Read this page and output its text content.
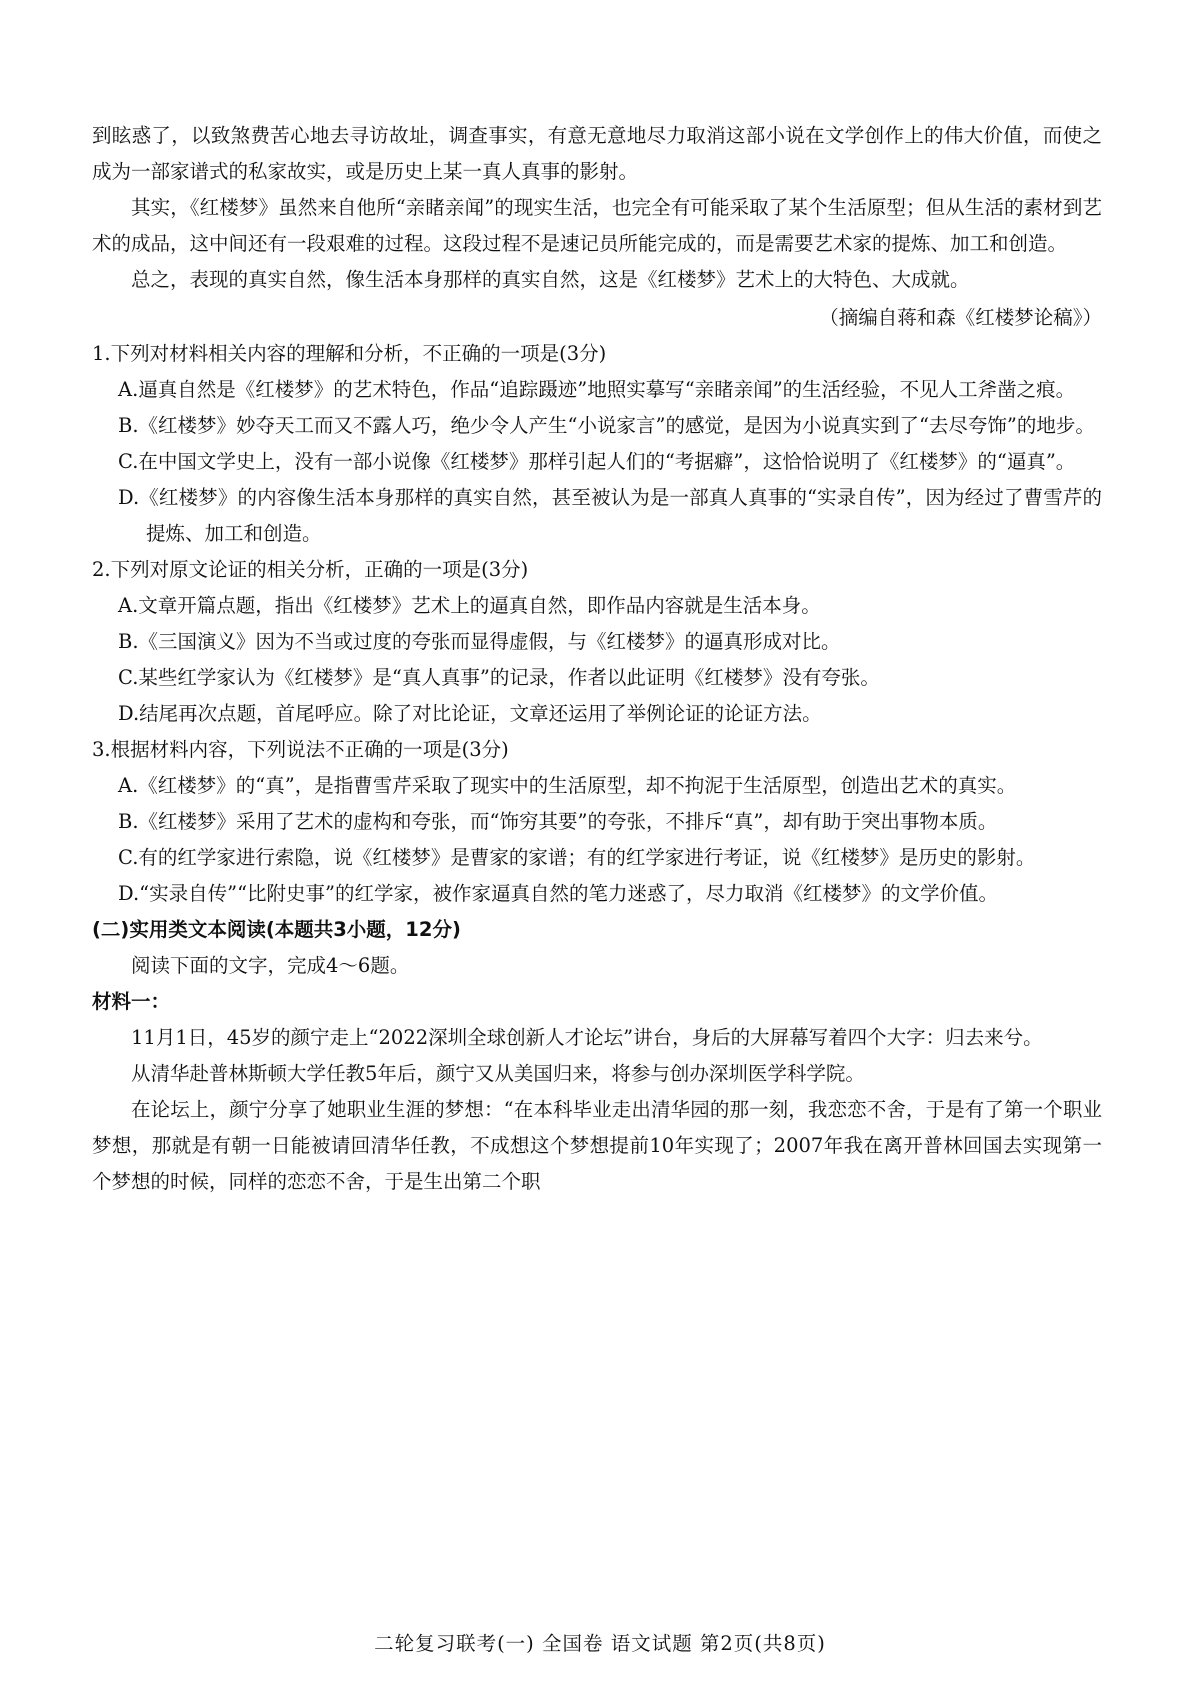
到眩惑了，以致煞费苦心地去寻访故址，调查事实，有意无意地尽力取消这部小说在文学创作上的伟大价值，而使之成为一部家谱式的私家故实，或是历史上某一真人真事的影射。

其实，《红楼梦》虽然来自他所“亲睹亲闻”的现实生活，也完全有可能采取了某个生活原型；但从生活的素材到艺术的成品，这中间还有一段艰难的过程。这段过程不是速记员所能完成的，而是需要艺术家的提炼、加工和创造。

总之，表现的真实自然，像生活本身那样的真实自然，这是《红楼梦》艺术上的大特色、大成就。

（摘编自蒋和森《红楼梦论稿》）

1.下列对材料相关内容的理解和分析，不正确的一项是(3分)

A.逼真自然是《红楼梦》的艺术特色，作品“追踪蹑迹”地照实摹写“亲睹亲闻”的生活经验，不见人工斧凿之痕。

B.《红楼梦》妙夺天工而又不露人巧，绝少令人产生“小说家言”的感觉，是因为小说真实到了“去尽夸饰”的地步。

C.在中国文学史上，没有一部小说像《红楼梦》那样引起人们的“考据癖”，这恰恰说明了《红楼梦》的“逼真”。

D.《红楼梦》的内容像生活本身那样的真实自然，甚至被认为是一部真人真事的“实录自传”，因为经过了曹雪芹的提炼、加工和创造。

2.下列对原文论证的相关分析，正确的一项是(3分)

A.文章开篇点题，指出《红楼梦》艺术上的逼真自然，即作品内容就是生活本身。

B.《三国演义》因为不当或过度的夸张而显得虚假，与《红楼梦》的逼真形成对比。

C.某些红学家认为《红楼梦》是“真人真事”的记录，作者以此证明《红楼梦》没有夸张。

D.结尾再次点题，首尾呼应。除了对比论证，文章还运用了举例论证的论证方法。

3.根据材料内容，下列说法不正确的一项是(3分)

A.《红楼梦》的“真”，是指曹雪芹采取了现实中的生活原型，却不拘泥于生活原型，创造出艺术的真实。

B.《红楼梦》采用了艺术的虚构和夸张，而“饰穷其要”的夸张，不排斥“真”，却有助于突出事物本质。

C.有的红学家进行索隐，说《红楼梦》是曹家的家谱；有的红学家进行考证，说《红楼梦》是历史的影射。

D.“实录自传”“比附史事”的红学家，被作家逼真自然的笔力迷惑了，尽力取消《红楼梦》的文学价值。

(二)实用类文本阅读(本题共3小题，12分)

阅读下面的文字，完成4～6题。

材料一：

11月1日，45岁的颜宁走上“2022深圳全球创新人才论坛”讲台，身后的大屏幕写着四个大字：归去来兮。

从清华赴普林斯顿大学任教5年后，颜宁又从美国归来，将参与创办深圳医学科学院。

在论坛上，颜宁分享了她职业生涯的梦想：“在本科毕业走出清华园的那一刻，我恋恋不舍，于是有了第一个职业梦想，那就是有朝一日能被请回清华任教，不成想这个梦想提前10年实现了；2007年我在离开普林回国去实现第一个梦想的时候，同样的恋恋不舍，于是生出第二个职

二轮复习联考(一) 全国卷 语文试题 第2页(共8页)
